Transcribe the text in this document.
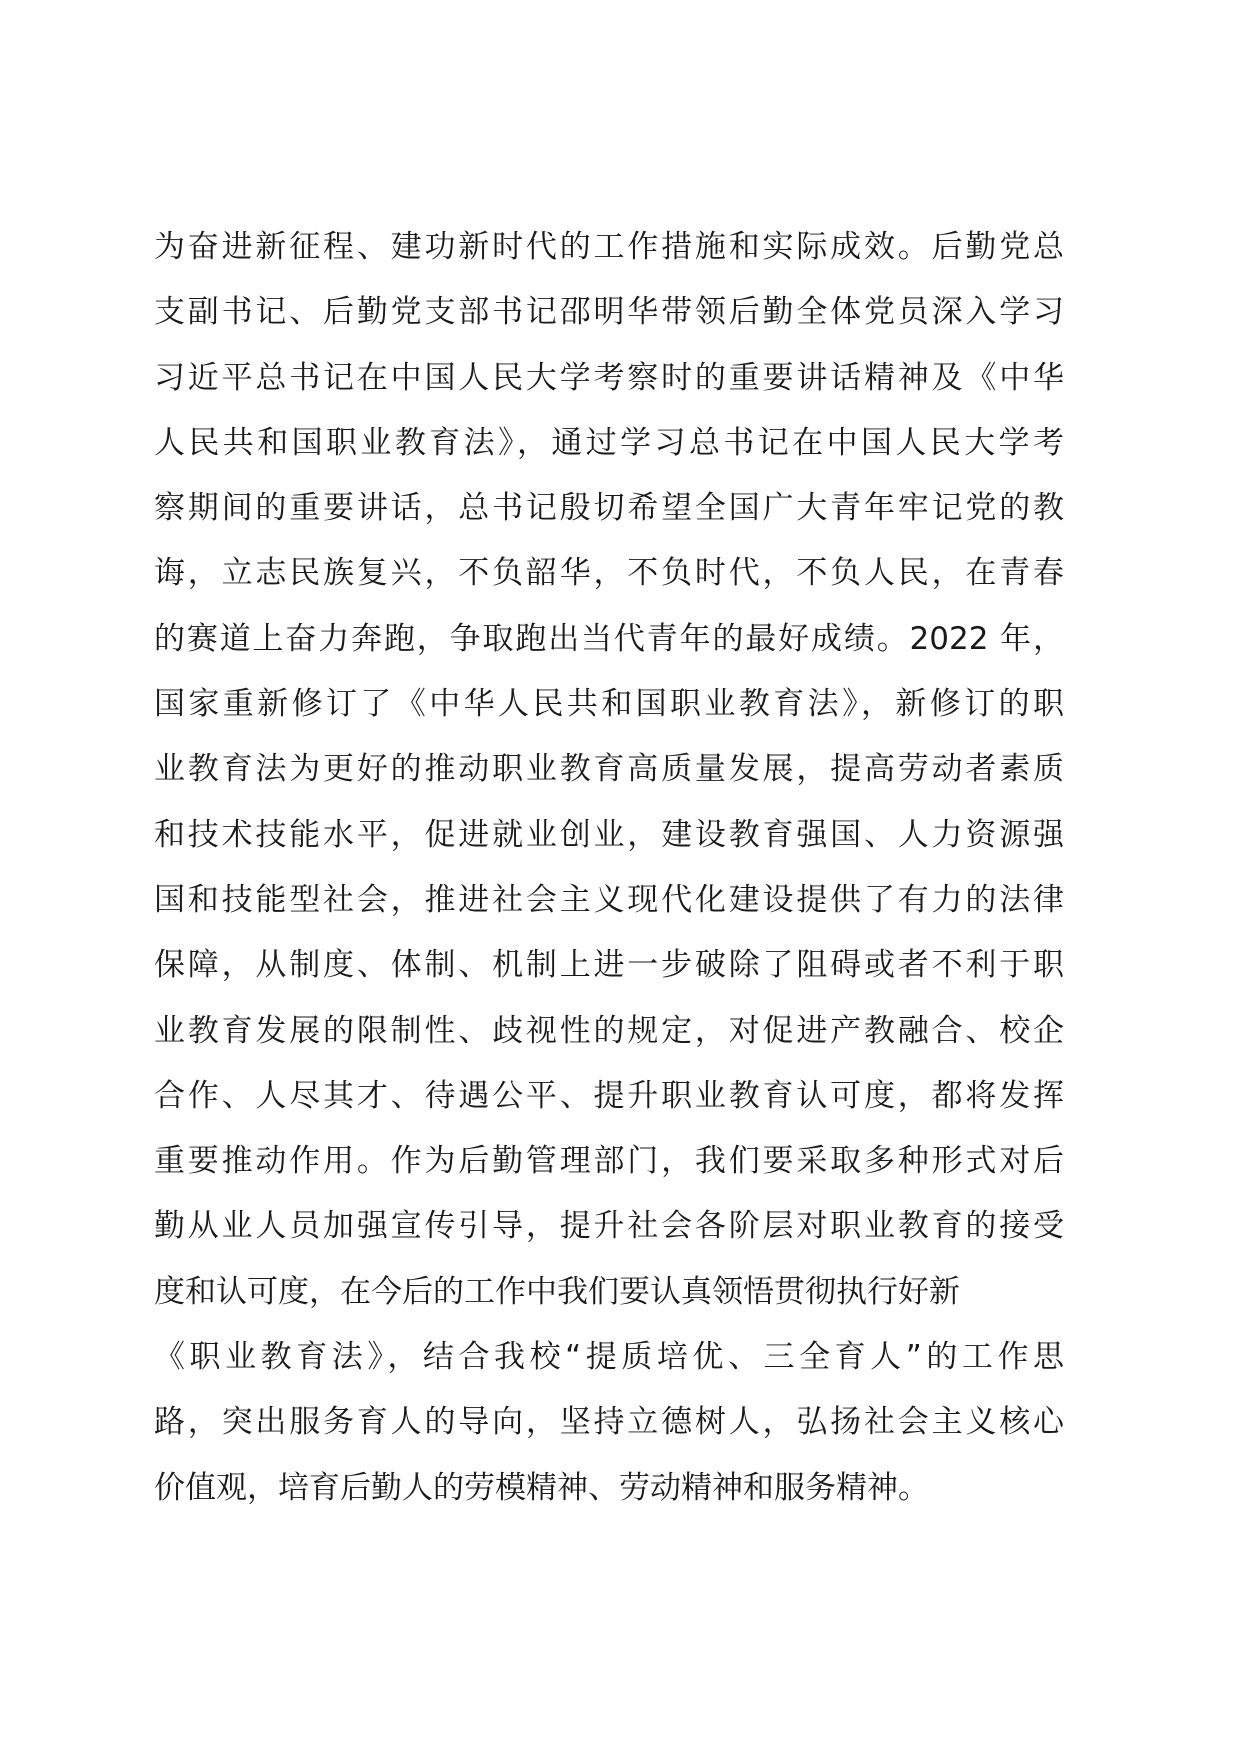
为奋进新征程、建功新时代的工作措施和实际成效。后勤党总
支副书记、后勤党支部书记邵明华带领后勤全体党员深入学习
习近平总书记在中国人民大学考察时的重要讲话精神及《中华
人民共和国职业教育法》，通过学习总书记在中国人民大学考
察期间的重要讲话，总书记殷切希望全国广大青年牢记党的教
诲，立志民族复兴，不负韶华，不负时代，不负人民，在青春
的赛道上奋力奔跑，争取跑出当代青年的最好成绩。2022 年，
国家重新修订了《中华人民共和国职业教育法》，新修订的职
业教育法为更好的推动职业教育高质量发展，提高劳动者素质
和技术技能水平，促进就业创业，建设教育强国、人力资源强
国和技能型社会，推进社会主义现代化建设提供了有力的法律
保障，从制度、体制、机制上进一步破除了阻碍或者不利于职
业教育发展的限制性、歧视性的规定，对促进产教融合、校企
合作、人尽其才、待遇公平、提升职业教育认可度，都将发挥
重要推动作用。作为后勤管理部门，我们要采取多种形式对后
勤从业人员加强宣传引导，提升社会各阶层对职业教育的接受
度和认可度，在今后的工作中我们要认真领悟贯彻执行好新
《职业教育法》，结合我校“提质培优、三全育人”的工作思
路，突出服务育人的导向，坚持立德树人，弘扬社会主义核心
价值观，培育后勤人的劳模精神、劳动精神和服务精神。
